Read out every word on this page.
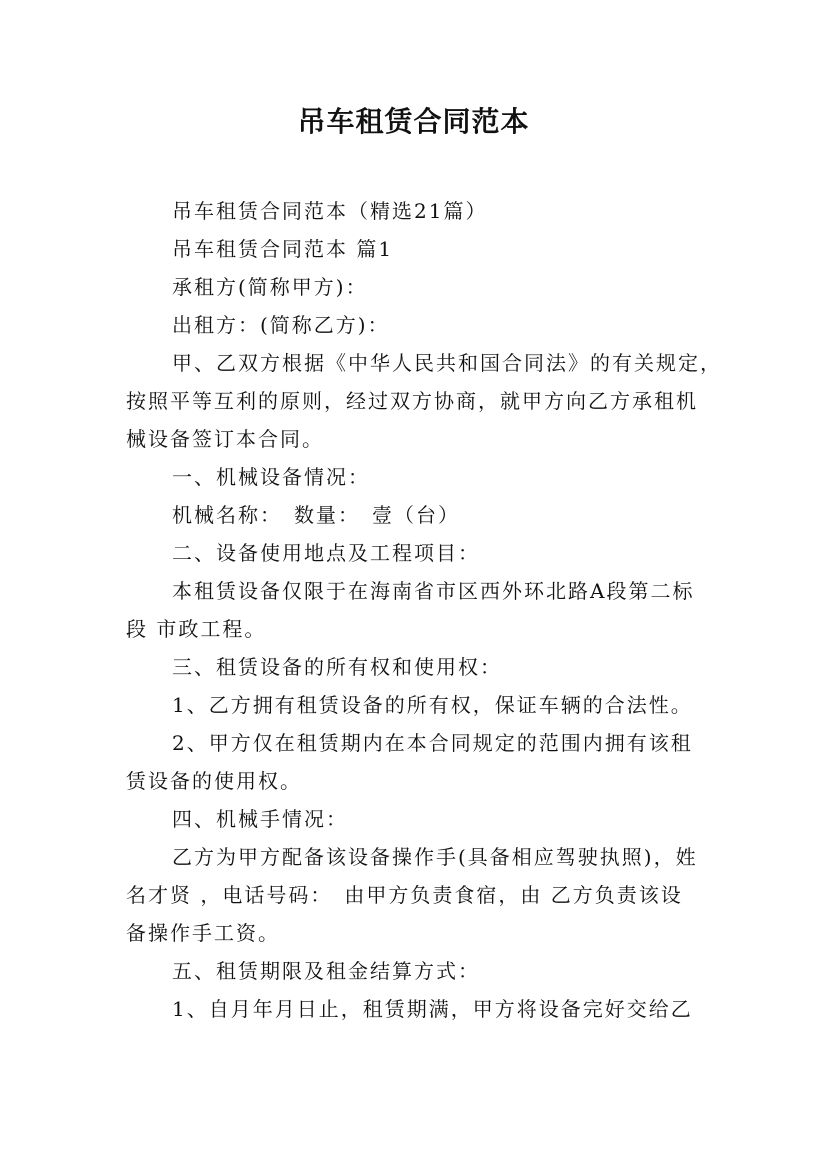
吊车租赁合同范本
吊车租赁合同范本（精选21篇）
吊车租赁合同范本 篇1
承租方(简称甲方)：
出租方：(简称乙方)：
甲、乙双方根据《中华人民共和国合同法》的有关规定，
按照平等互利的原则，经过双方协商，就甲方向乙方承租机
械设备签订本合同。
一、机械设备情况：
机械名称：　数量：　壹（台）
二、设备使用地点及工程项目：
本租赁设备仅限于在海南省市区西外环北路A段第二标
段 市政工程。
三、租赁设备的所有权和使用权：
1、乙方拥有租赁设备的所有权，保证车辆的合法性。
2、甲方仅在租赁期内在本合同规定的范围内拥有该租
赁设备的使用权。
四、机械手情况：
乙方为甲方配备该设备操作手(具备相应驾驶执照)，姓
名才贤 ，电话号码：　由甲方负责食宿，由 乙方负责该设
备操作手工资。
五、租赁期限及租金结算方式：
1、自月年月日止，租赁期满，甲方将设备完好交给乙
